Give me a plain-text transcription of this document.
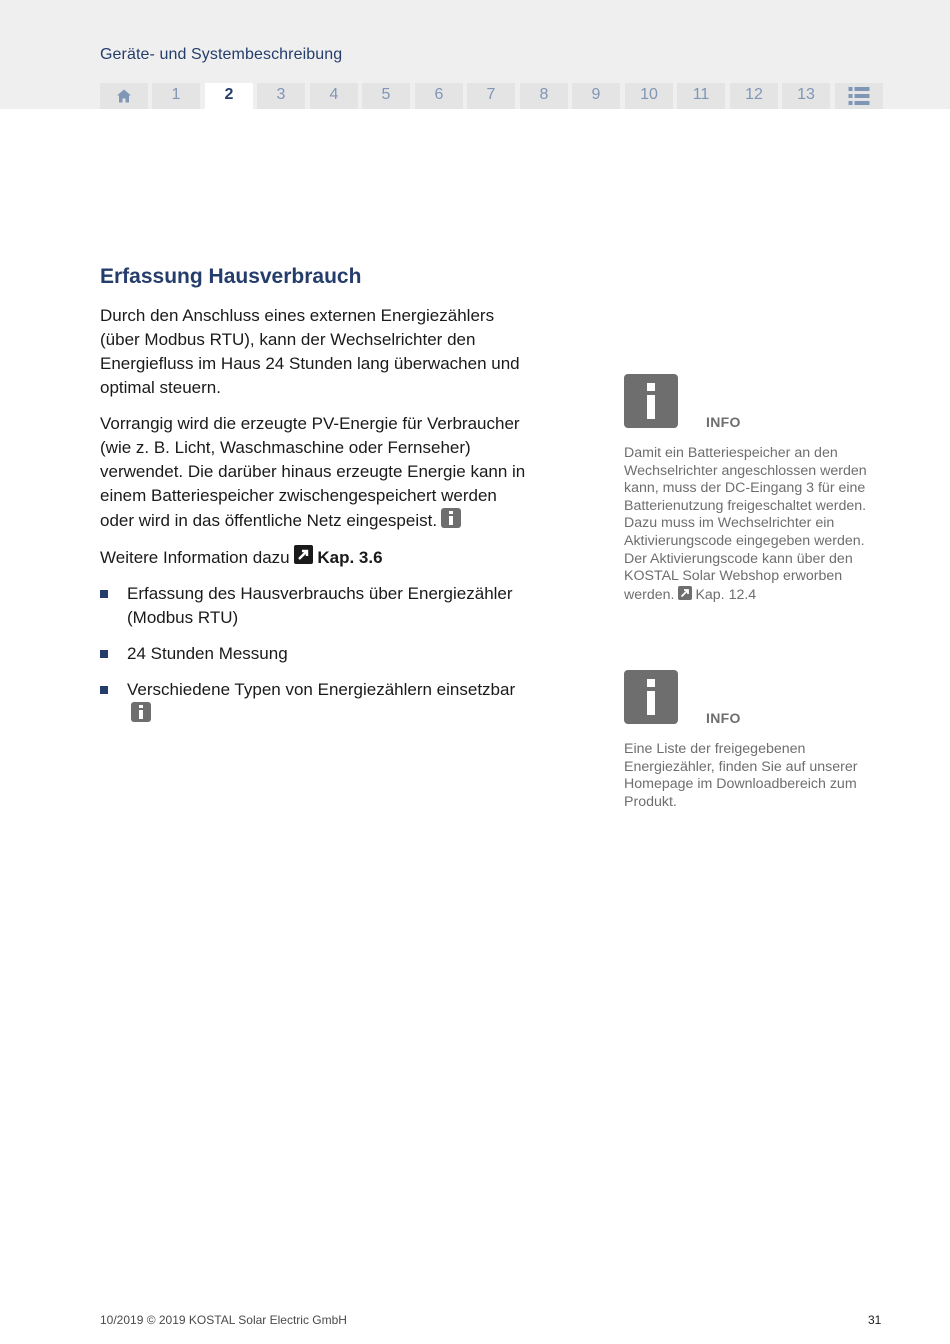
Geräte- und Systembeschreibung
1	2	3	4	5	6	7	8	9	10	11	12	13
Erfassung Hausverbrauch

Durch den Anschluss eines externen Energiezählers (über Modbus RTU), kann der Wechselrichter den Energiefluss im Haus 24 Stunden lang überwachen und optimal steuern.

Vorrangig wird die erzeugte PV-Energie für Verbraucher (wie z. B. Licht, Waschmaschine oder Fernseher) verwendet. Die darüber hinaus erzeugte Energie kann in einem Batteriespeicher zwischengespeichert werden oder wird in das öffentliche Netz eingespeist.

Weitere Information dazu Kap. 3.6

Erfassung des Hausverbrauchs über Energiezähler (Modbus RTU)
24 Stunden Messung
Verschiedene Typen von Energiezählern einsetzbar
INFO
Damit ein Batteriespeicher an den Wechselrichter angeschlossen werden kann, muss der DC-Eingang 3 für eine Batterienutzung freigeschaltet werden. Dazu muss im Wechselrichter ein Aktivierungscode eingegeben werden. Der Aktivierungscode kann über den KOSTAL Solar Webshop erworben werden. Kap. 12.4
INFO
Eine Liste der freigegebenen Energiezähler, finden Sie auf unserer Homepage im Downloadbereich zum Produkt.
10/2019 © 2019 KOSTAL Solar Electric GmbH	31
